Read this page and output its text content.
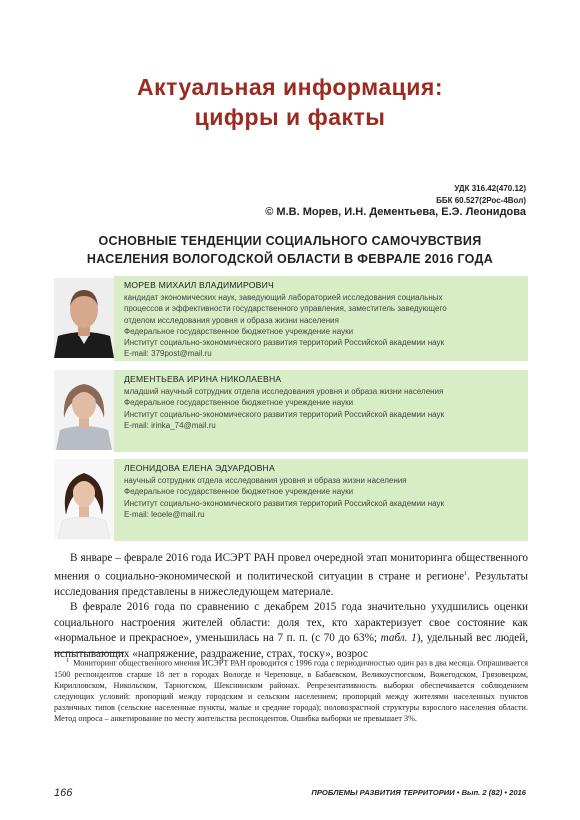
Актуальная информация:
цифры и факты
УДК 316.42(470.12)
ББК 60.527(2Рос-4Вол)
© М.В. Морев, И.Н. Дементьева, Е.Э. Леонидова
ОСНОВНЫЕ ТЕНДЕНЦИИ СОЦИАЛЬНОГО САМОЧУВСТВИЯ
НАСЕЛЕНИЯ ВОЛОГОДСКОЙ ОБЛАСТИ В ФЕВРАЛЕ 2016 ГОДА
МОРЕВ МИХАИЛ ВЛАДИМИРОВИЧ
кандидат экономических наук, заведующий лабораторией исследования социальных
процессов и эффективности государственного управления, заместитель заведующего
отделом исследования уровня и образа жизни населения
Федеральное государственное бюджетное учреждение науки
Институт социально-экономического развития территорий Российской академии наук
E-mail: 379post@mail.ru
ДЕМЕНТЬЕВА ИРИНА НИКОЛАЕВНА
младший научный сотрудник отдела исследования уровня и образа жизни населения
Федеральное государственное бюджетное учреждение науки
Институт социально-экономического развития территорий Российской академии наук
E-mail: irinka_74@mail.ru
ЛЕОНИДОВА ЕЛЕНА ЭДУАРДОВНА
научный сотрудник отдела исследования уровня и образа жизни населения
Федеральное государственное бюджетное учреждение науки
Институт социально-экономического развития территорий Российской академии наук
E-mail: leoele@mail.ru

В январе – феврале 2016 года ИСЭРТ РАН провел очередной этап мониторинга общественного мнения о социально-экономической и политической ситуации в стране и регионе$^1$. Результаты исследования представлены в нижеследующем материале.

В феврале 2016 года по сравнению с декабрем 2015 года значительно ухудшились оценки социального настроения жителей области: доля тех, кто характеризует свое состояние как «нормальное и прекрасное», уменьшилась на 7 п. п. (с 70 до 63%; табл. 1), удельный вес людей, испытывающих «напряжение, раздражение, страх, тоску», возрос

$^1$ Мониторинг общественного мнения ИСЭРТ РАН проводится с 1996 года с периодичностью один раз в два месяца. Опрашивается 1500 респондентов старше 18 лет в городах Вологде и Череповце, в Бабаевском, Великоустюгском, Вожегодском, Грязовецком, Кирилловском, Никольском, Тарногском, Шекснинском районах. Репрезентативность выборки обеспечивается соблюдением следующих условий: пропорций между городским и сельским населением; пропорций между жителями населенных пунктов различных типов (сельские населенные пункты, малые и средние города); половозрастной структуры взрослого населения области. Метод опроса – анкетирование по месту жительства респондентов. Ошибка выборки не превышает 3%.

166	ПРОБЛЕМЫ РАЗВИТИЯ ТЕРРИТОРИИ • Вып. 2 (82) • 2016
